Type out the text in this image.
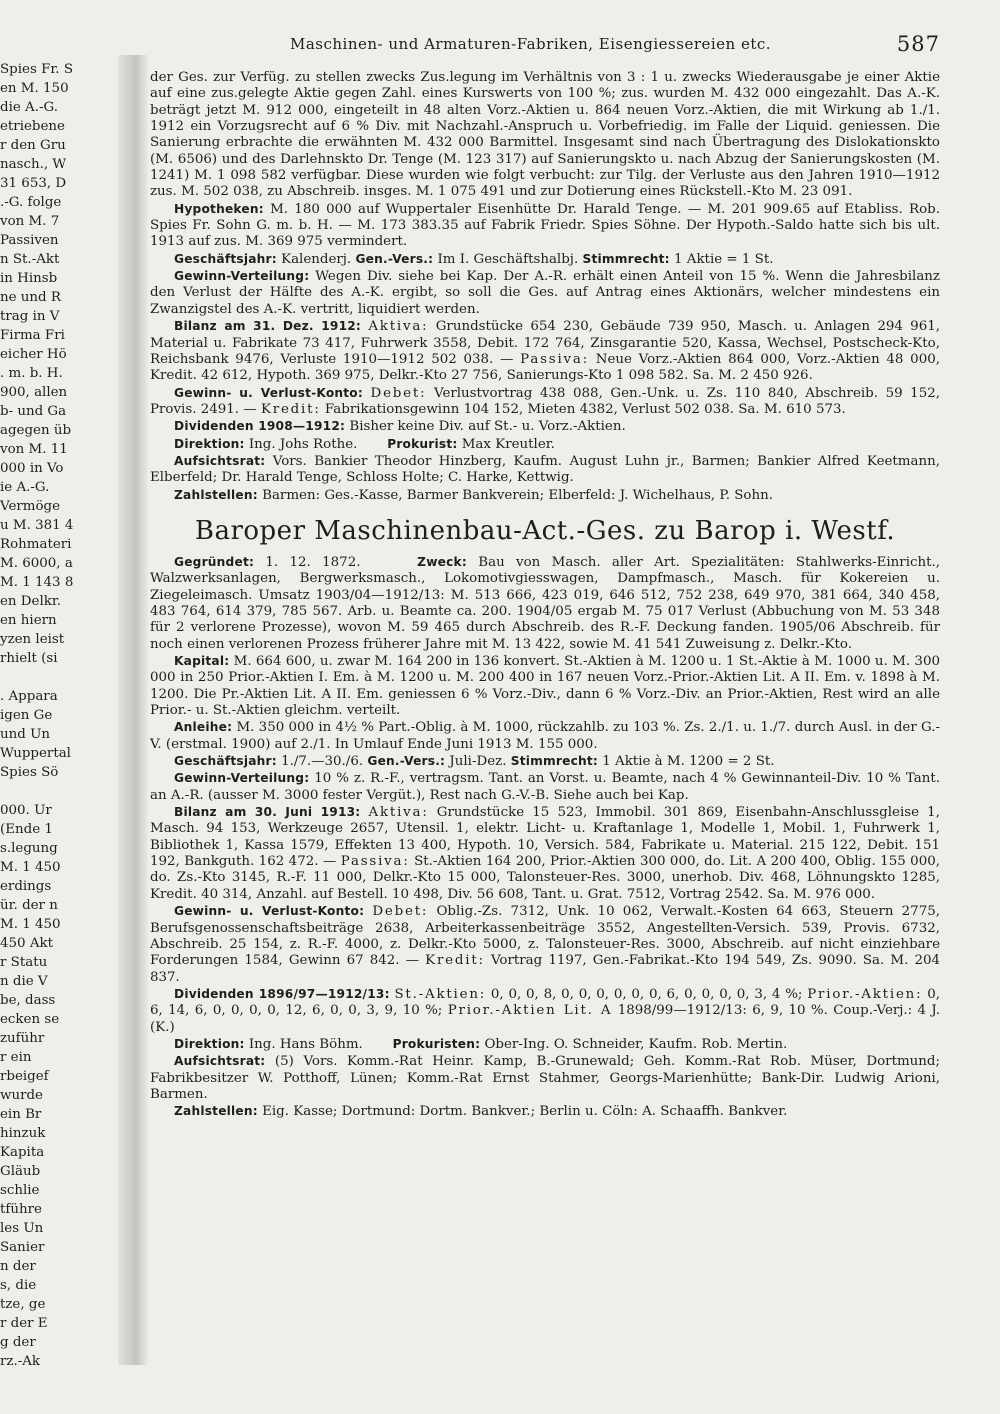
Maschinen- und Armaturen-Fabriken, Eisengiessereien etc.	587
Spies Fr. S
en M. 150
die A.-G.
etriebene
r den Gru
nasch., W
31 653, D
.-G. folge
von M. 7
Passiven
n St.-Akt
in Hinsb
ne und R
trag in V
Firma Fri
eicher Hö
. m. b. H.
900, allen
b- und Ga
agegen üb
von M. 11
000 in Vo
ie A.-G.
Vermöge
u M. 381 4
Rohmateri
M. 6000, a
M. 1 143 8
en Delkr.
en hiern
yzen leist
rhielt (si

. Appara
igen Ge
und Un
Wuppertal
Spies Sö

000. Ur
(Ende 1
s.legung
M. 1 450
erdings
ür. der n
M. 1 450
450 Akt
r Statu
n die V
be, dass
ecken se
zuführ
r ein
rbeigef
wurde
ein Br
hinzuk
Kapita
Gläub
schlie
tführe
les Un
Sanier
n der
s, die
tze, ge
r der E
g der
rz.-Ak

der Ges. zur Verfüg. zu stellen zwecks Zus.legung im Verhältnis von 3 : 1 u. zwecks Wiederausgabe je einer Aktie auf eine zus.gelegte Aktie gegen Zahl. eines Kurswerts von 100 %; zus. wurden M. 432 000 eingezahlt. Das A.-K. beträgt jetzt M. 912 000, eingeteilt in 48 alten Vorz.-Aktien u. 864 neuen Vorz.-Aktien, die mit Wirkung ab 1./1. 1912 ein Vorzugsrecht auf 6 % Div. mit Nachzahl.-Anspruch u. Vorbefriedig. im Falle der Liquid. geniessen. Die Sanierung erbrachte die erwähnten M. 432 000 Barmittel. Insgesamt sind nach Übertragung des Dislokationskto (M. 6506) und des Darlehnskto Dr. Tenge (M. 123 317) auf Sanierungskto u. nach Abzug der Sanierungskosten (M. 1241) M. 1 098 582 verfügbar. Diese wurden wie folgt verbucht: zur Tilg. der Verluste aus den Jahren 1910—1912 zus. M. 502 038, zu Abschreib. insges. M. 1 075 491 und zur Dotierung eines Rückstell.-Kto M. 23 091.

Hypotheken: M. 180 000 auf Wuppertaler Eisenhütte Dr. Harald Tenge. — M. 201 909.65 auf Etabliss. Rob. Spies Fr. Sohn G. m. b. H. — M. 173 383.35 auf Fabrik Friedr. Spies Söhne. Der Hypoth.-Saldo hatte sich bis ult. 1913 auf zus. M. 369 975 vermindert.

Geschäftsjahr: Kalenderj. Gen.-Vers.: Im I. Geschäftshalbj. Stimmrecht: 1 Aktie = 1 St.

Gewinn-Verteilung: Wegen Div. siehe bei Kap. Der A.-R. erhält einen Anteil von 15 %. Wenn die Jahresbilanz den Verlust der Hälfte des A.-K. ergibt, so soll die Ges. auf Antrag eines Aktionärs, welcher mindestens ein Zwanzigstel des A.-K. vertritt, liquidiert werden.

Bilanz am 31. Dez. 1912: Aktiva: Grundstücke 654 230, Gebäude 739 950, Masch. u. Anlagen 294 961, Material u. Fabrikate 73 417, Fuhrwerk 3558, Debit. 172 764, Zinsgarantie 520, Kassa, Wechsel, Postscheck-Kto, Reichsbank 9476, Verluste 1910—1912 502 038. — Passiva: Neue Vorz.-Aktien 864 000, Vorz.-Aktien 48 000, Kredit. 42 612, Hypoth. 369 975, Delkr.-Kto 27 756, Sanierungs-Kto 1 098 582. Sa. M. 2 450 926.

Gewinn- u. Verlust-Konto: Debet: Verlustvortrag 438 088, Gen.-Unk. u. Zs. 110 840, Abschreib. 59 152, Provis. 2491. — Kredit: Fabrikationsgewinn 104 152, Mieten 4382, Verlust 502 038. Sa. M. 610 573.

Dividenden 1908—1912: Bisher keine Div. auf St.- u. Vorz.-Aktien.

Direktion: Ing. Johs Rothe. Prokurist: Max Kreutler.

Aufsichtsrat: Vors. Bankier Theodor Hinzberg, Kaufm. August Luhn jr., Barmen; Bankier Alfred Keetmann, Elberfeld; Dr. Harald Tenge, Schloss Holte; C. Harke, Kettwig.

Zahlstellen: Barmen: Ges.-Kasse, Barmer Bankverein; Elberfeld: J. Wichelhaus, P. Sohn.

Baroper Maschinenbau-Act.-Ges. zu Barop i. Westf.

Gegründet: 1. 12. 1872.	Zweck: Bau von Masch. aller Art. Spezialitäten: Stahlwerks-Einricht., Walzwerksanlagen, Bergwerksmasch., Lokomotivgiesswagen, Dampfmasch., Masch. für Kokereien u. Ziegeleimasch. Umsatz 1903/04—1912/13: M. 513 666, 423 019, 646 512, 752 238, 649 970, 381 664, 340 458, 483 764, 614 379, 785 567. Arb. u. Beamte ca. 200. 1904/05 ergab M. 75 017 Verlust (Abbuchung von M. 53 348 für 2 verlorene Prozesse), wovon M. 59 465 durch Abschreib. des R.-F. Deckung fanden. 1905/06 Abschreib. für noch einen verlorenen Prozess früherer Jahre mit M. 13 422, sowie M. 41 541 Zuweisung z. Delkr.-Kto.

Kapital: M. 664 600, u. zwar M. 164 200 in 136 konvert. St.-Aktien à M. 1200 u. 1 St.-Aktie à M. 1000 u. M. 300 000 in 250 Prior.-Aktien I. Em. à M. 1200 u. M. 200 400 in 167 neuen Vorz.-Prior.-Aktien Lit. A II. Em. v. 1898 à M. 1200. Die Pr.-Aktien Lit. A II. Em. geniessen 6 % Vorz.-Div., dann 6 % Vorz.-Div. an Prior.-Aktien, Rest wird an alle Prior.- u. St.-Aktien gleichm. verteilt.

Anleihe: M. 350 000 in 4½ % Part.-Oblig. à M. 1000, rückzahlb. zu 103 %. Zs. 2./1. u. 1./7. durch Ausl. in der G.-V. (erstmal. 1900) auf 2./1. In Umlauf Ende Juni 1913 M. 155 000.

Geschäftsjahr: 1./7.—30./6. Gen.-Vers.: Juli-Dez. Stimmrecht: 1 Aktie à M. 1200 = 2 St.

Gewinn-Verteilung: 10 % z. R.-F., vertragsm. Tant. an Vorst. u. Beamte, nach 4 % Gewinnanteil-Div. 10 % Tant. an A.-R. (ausser M. 3000 fester Vergüt.), Rest nach G.-V.-B. Siehe auch bei Kap.

Bilanz am 30. Juni 1913: Aktiva: Grundstücke 15 523, Immobil. 301 869, Eisenbahn-Anschlussgleise 1, Masch. 94 153, Werkzeuge 2657, Utensil. 1, elektr. Licht- u. Kraftanlage 1, Modelle 1, Mobil. 1, Fuhrwerk 1, Bibliothek 1, Kassa 1579, Effekten 13 400, Hypoth. 10, Versich. 584, Fabrikate u. Material. 215 122, Debit. 151 192, Bankguth. 162 472. — Passiva: St.-Aktien 164 200, Prior.-Aktien 300 000, do. Lit. A 200 400, Oblig. 155 000, do. Zs.-Kto 3145, R.-F. 11 000, Delkr.-Kto 15 000, Talonsteuer-Res. 3000, unerhob. Div. 468, Löhnungskto 1285, Kredit. 40 314, Anzahl. auf Bestell. 10 498, Div. 56 608, Tant. u. Grat. 7512, Vortrag 2542. Sa. M. 976 000.

Gewinn- u. Verlust-Konto: Debet: Oblig.-Zs. 7312, Unk. 10 062, Verwalt.-Kosten 64 663, Steuern 2775, Berufsgenossenschaftsbeiträge 2638, Arbeiterkassenbeiträge 3552, Angestellten-Versich. 539, Provis. 6732, Abschreib. 25 154, z. R.-F. 4000, z. Delkr.-Kto 5000, z. Talonsteuer-Res. 3000, Abschreib. auf nicht einziehbare Forderungen 1584, Gewinn 67 842. — Kredit: Vortrag 1197, Gen.-Fabrikat.-Kto 194 549, Zs. 9090. Sa. M. 204 837.

Dividenden 1896/97—1912/13: St.-Aktien: 0, 0, 0, 8, 0, 0, 0, 0, 0, 0, 6, 0, 0, 0, 0, 3, 4 %; Prior.-Aktien: 0, 6, 14, 6, 0, 0, 0, 0, 12, 6, 0, 0, 3, 9, 10 %; Prior.-Aktien Lit. A 1898/99—1912/13: 6, 9, 10 %. Coup.-Verj.: 4 J. (K.)

Direktion: Ing. Hans Böhm. Prokuristen: Ober-Ing. O. Schneider, Kaufm. Rob. Mertin.

Aufsichtsrat: (5) Vors. Komm.-Rat Heinr. Kamp, B.-Grunewald; Geh. Komm.-Rat Rob. Müser, Dortmund; Fabrikbesitzer W. Potthoff, Lünen; Komm.-Rat Ernst Stahmer, Georgs-Marienhütte; Bank-Dir. Ludwig Arioni, Barmen.

Zahlstellen: Eig. Kasse; Dortmund: Dortm. Bankver.; Berlin u. Cöln: A. Schaaffh. Bankver.
